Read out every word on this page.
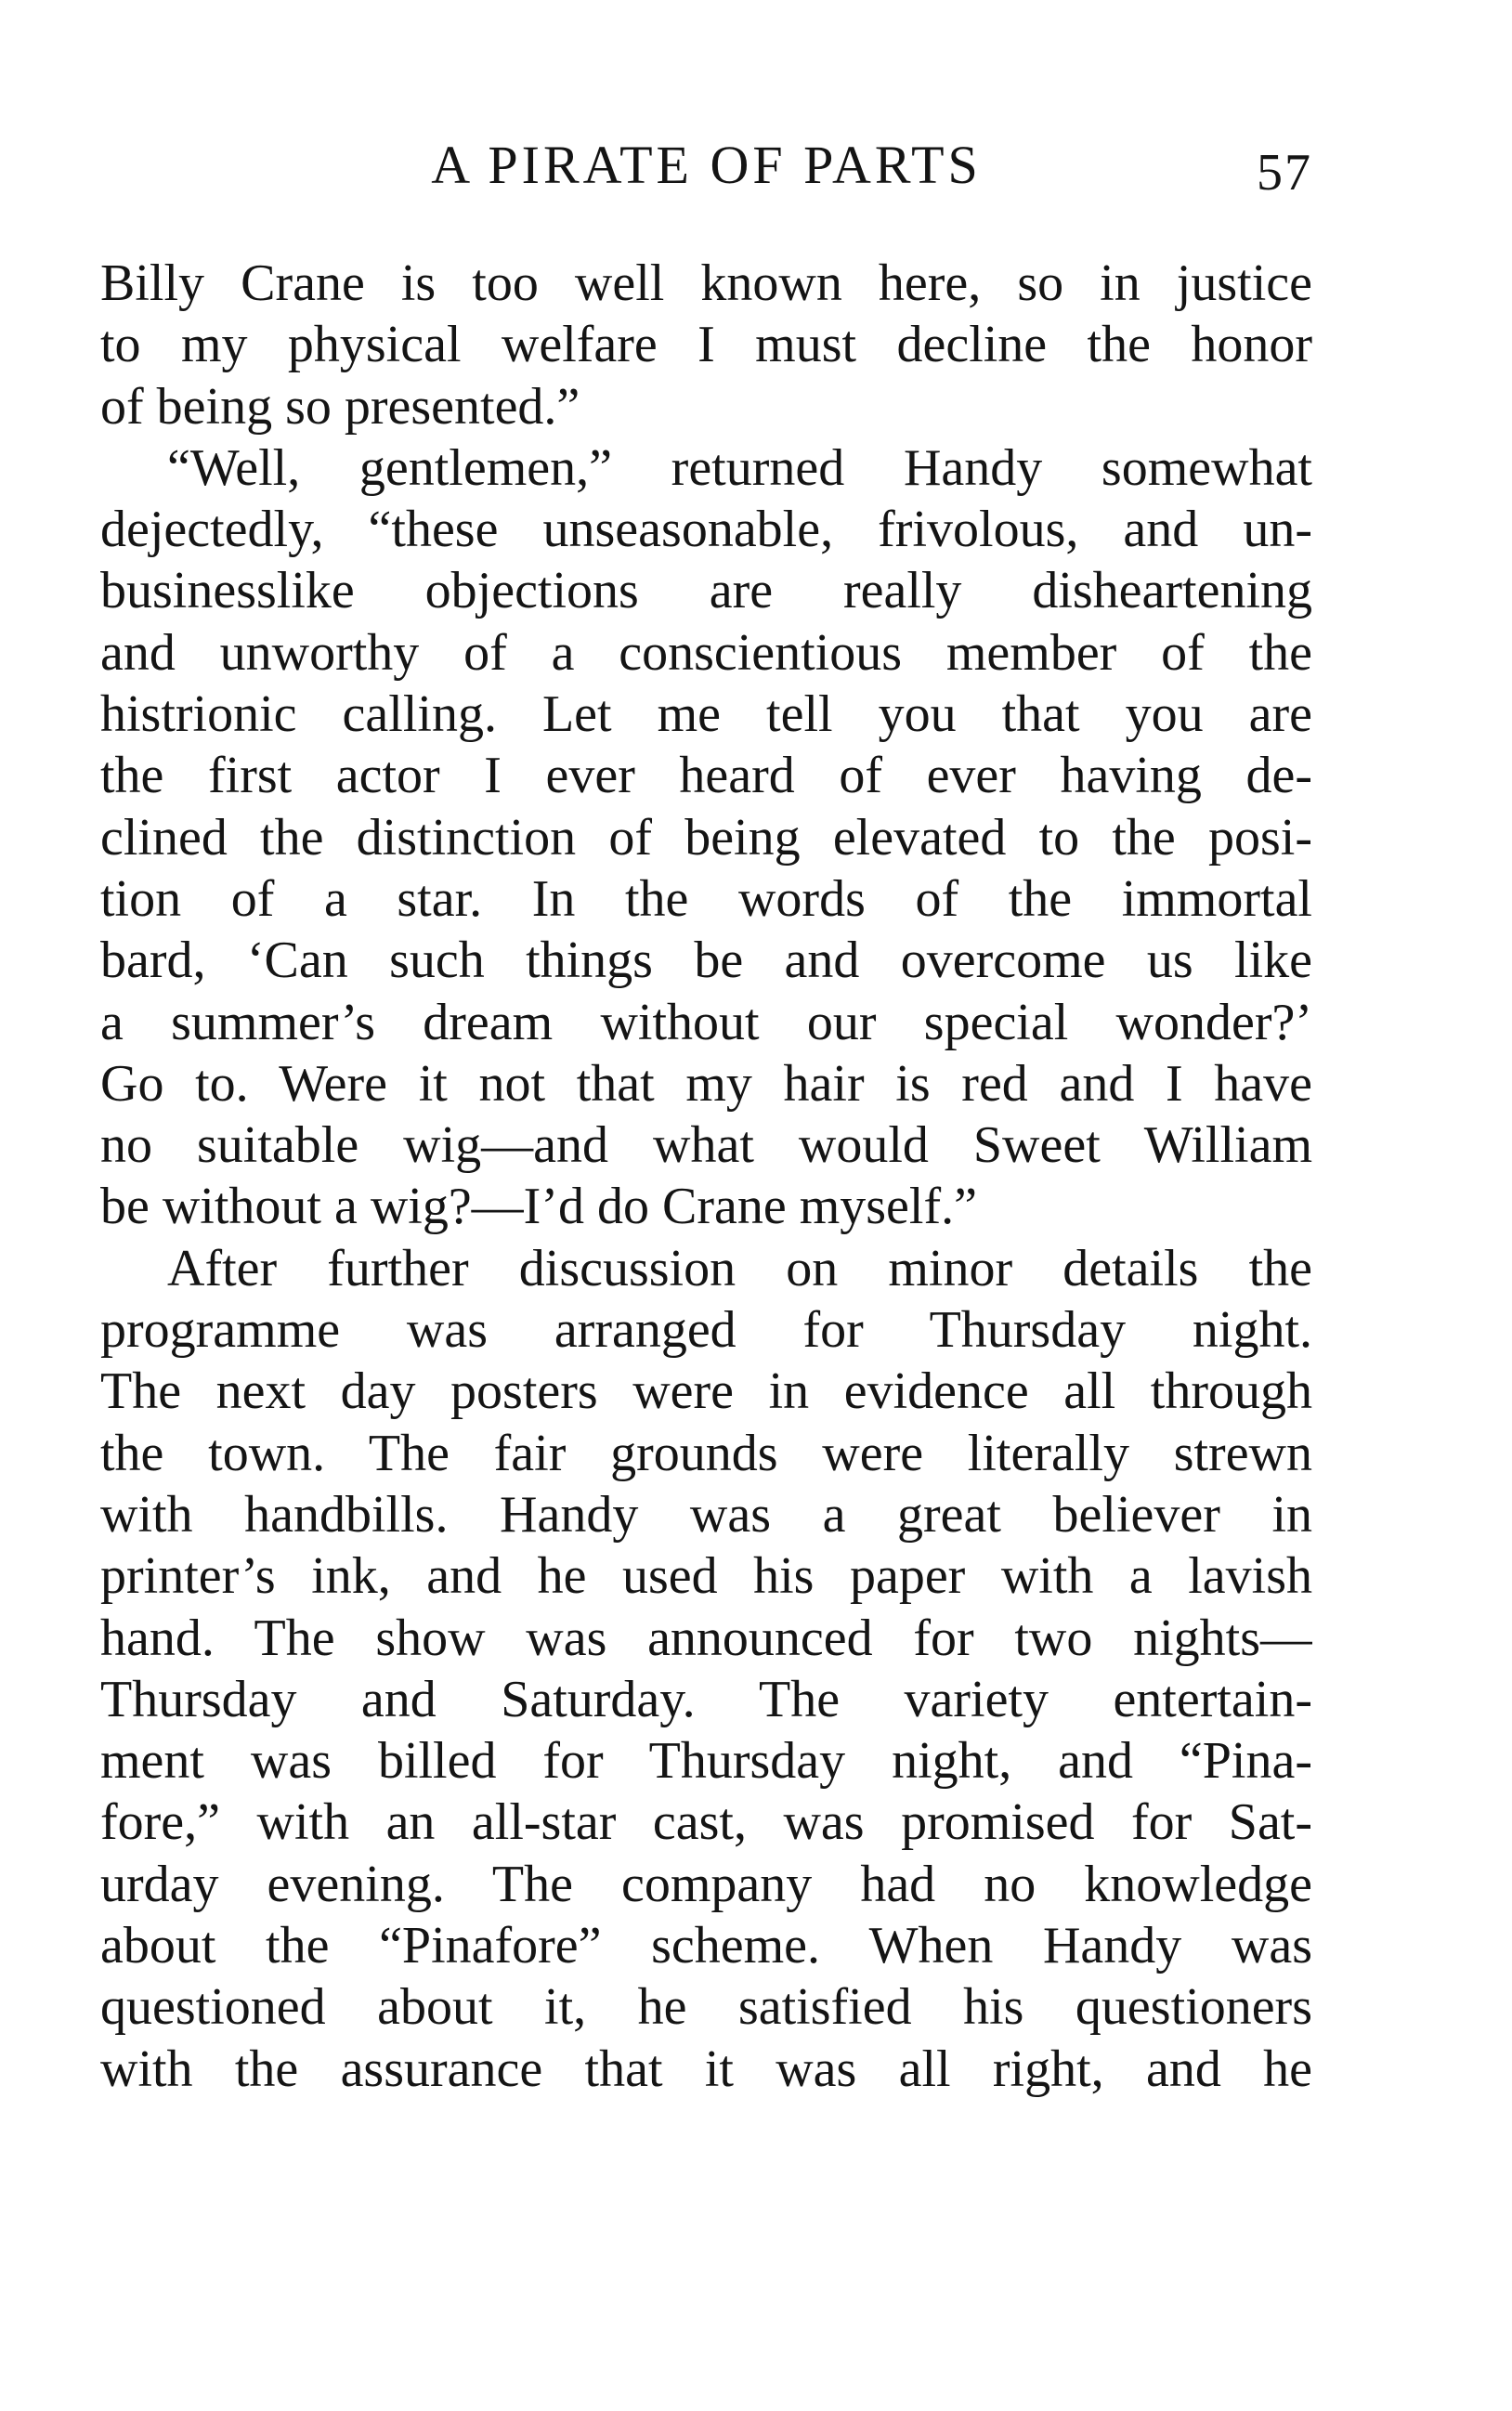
A PIRATE OF PARTS	57
Billy Crane is too well known here, so in justice
to my physical welfare I must decline the honor
of being so presented.”
“Well, gentlemen,” returned Handy somewhat
dejectedly, “these unseasonable, frivolous, and un-
businesslike objections are really disheartening
and unworthy of a conscientious member of the
histrionic calling. Let me tell you that you are
the first actor I ever heard of ever having de-
clined the distinction of being elevated to the posi-
tion of a star. In the words of the immortal
bard, ‘Can such things be and overcome us like
a summer’s dream without our special wonder?’
Go to. Were it not that my hair is red and I have
no suitable wig—and what would Sweet William
be without a wig?—I’d do Crane myself.”
After further discussion on minor details the
programme was arranged for Thursday night.
The next day posters were in evidence all through
the town. The fair grounds were literally strewn
with handbills. Handy was a great believer in
printer’s ink, and he used his paper with a lavish
hand. The show was announced for two nights—
Thursday and Saturday. The variety entertain-
ment was billed for Thursday night, and “Pina-
fore,” with an all-star cast, was promised for Sat-
urday evening. The company had no knowledge
about the “Pinafore” scheme. When Handy was
questioned about it, he satisfied his questioners
with the assurance that it was all right, and he
